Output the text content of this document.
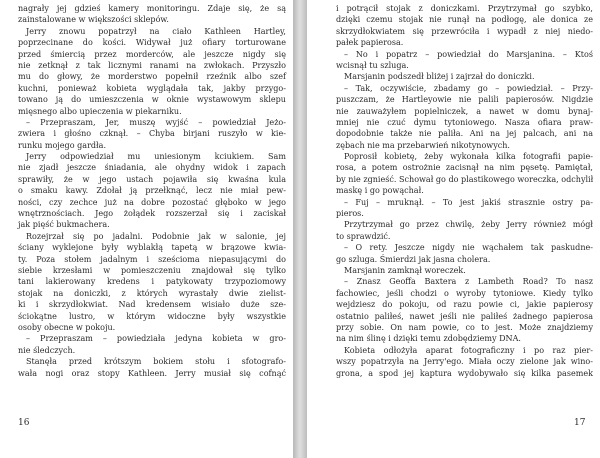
nagrały jej gdzieś kamery monitoringu. Zdaje się, że są
zainstalowane w większości sklepów.
Jerry znowu popatrzył na ciało Kathleen Hartley,
poprzecinane do kości. Widywał już ofiary torturowane
przed śmiercią przez morderców, ale jeszcze nigdy się
nie zetknął z tak licznymi ranami na zwłokach. Przyszło
mu do głowy, że morderstwo popełnił rzeźnik albo szef
kuchni, ponieważ kobieta wyglądała tak, jakby przygo-
towano ją do umieszczenia w oknie wystawowym sklepu
mięsnego albo upieczenia w piekarniku.
– Przepraszam, Jer, muszę wyjść – powiedział Jeżo-
zwiera i głośno czknął. – Chyba birjani ruszyło w kie-
runku mojego gardła.
Jerry odpowiedział mu uniesionym kciukiem. Sam
nie zjadł jeszcze śniadania, ale ohydny widok i zapach
sprawiły, że w jego ustach pojawiła się kwaśna kula
o smaku kawy. Zdołał ją przełknąć, lecz nie miał pew-
ności, czy zechce już na dobre pozostać głęboko w jego
wnętrznościach. Jego żołądek rozszerzał się i zaciskał
jak pięść bukmachera.
Rozejrzał się po jadalni. Podobnie jak w salonie, jej
ściany wyklejone były wyblakłą tapetą w brązowe kwia-
ty. Poza stołem jadalnym i sześcioma niepasującymi do
siebie krzesłami w pomieszczeniu znajdował się tylko
tani lakierowany kredens i patykowaty trzypoziomowy
stojak na doniczki, z których wyrastały dwie zielist-
ki i skrzydłokwiat. Nad kredensem wisiało duże sze-
ściokątne lustro, w którym widoczne były wszystkie
osoby obecne w pokoju.
– Przepraszam – powiedziała jedyna kobieta w gro-
nie śledczych.
Stanęła przed krótszym bokiem stołu i sfotografo-
wała nogi oraz stopy Kathleen. Jerry musiał się cofnąć
16
i potrącił stojak z doniczkami. Przytrzymał go szybko,
dzięki czemu stojak nie runął na podłogę, ale donica ze
skrzydłokwiatem się przewróciła i wypadł z niej niedo-
pałek papierosa.
– No i popatrz – powiedział do Marsjanina. – Ktoś
wcisnął tu szluga.
Marsjanin podszedł bliżej i zajrzał do doniczki.
– Tak, oczywiście, zbadamy go – powiedział. – Przy-
puszczam, że Hartleyowie nie palili papierosów. Nigdzie
nie zauważyłem popielniczek, a nawet w domu bynaj-
mniej nie czuć dymu tytoniowego. Nasza ofiara praw-
dopodobnie także nie paliła. Ani na jej palcach, ani na
zębach nie ma przebarwień nikotynowych.
Poprosił kobietę, żeby wykonała kilka fotografii papie-
rosa, a potem ostrożnie zacisnął na nim pęsetę. Pamiętał,
by nie zgnieść. Schował go do plastikowego woreczka, odchylił
maskę i go powąchał.
– Fuj – mruknął. – To jest jakiś strasznie ostry pa-
pieros.
Przytrzymał go przez chwilę, żeby Jerry również mógł
to sprawdzić.
– O rety. Jeszcze nigdy nie wąchałem tak paskudne-
go szluga. Śmierdzi jak jasna cholera.
Marsjanin zamknął woreczek.
– Znasz Geoffa Baxtera z Lambeth Road? To nasz
fachowiec, jeśli chodzi o wyroby tytoniowe. Kiedy tylko
wejdziesz do pokoju, od razu powie ci, jakie papierosy
ostatnio paliłeś, nawet jeśli nie paliłeś żadnego papierosa
przy sobie. On nam powie, co to jest. Może znajdziemy
na nim ślinę i dzięki temu zdobędziemy DNA.
Kobieta odłożyła aparat fotograficzny i po raz pier-
wszy popatrzyła na Jerry'ego. Miała oczy zielone jak wino-
grona, a spod jej kaptura wydobywało się kilka pasemek
17
